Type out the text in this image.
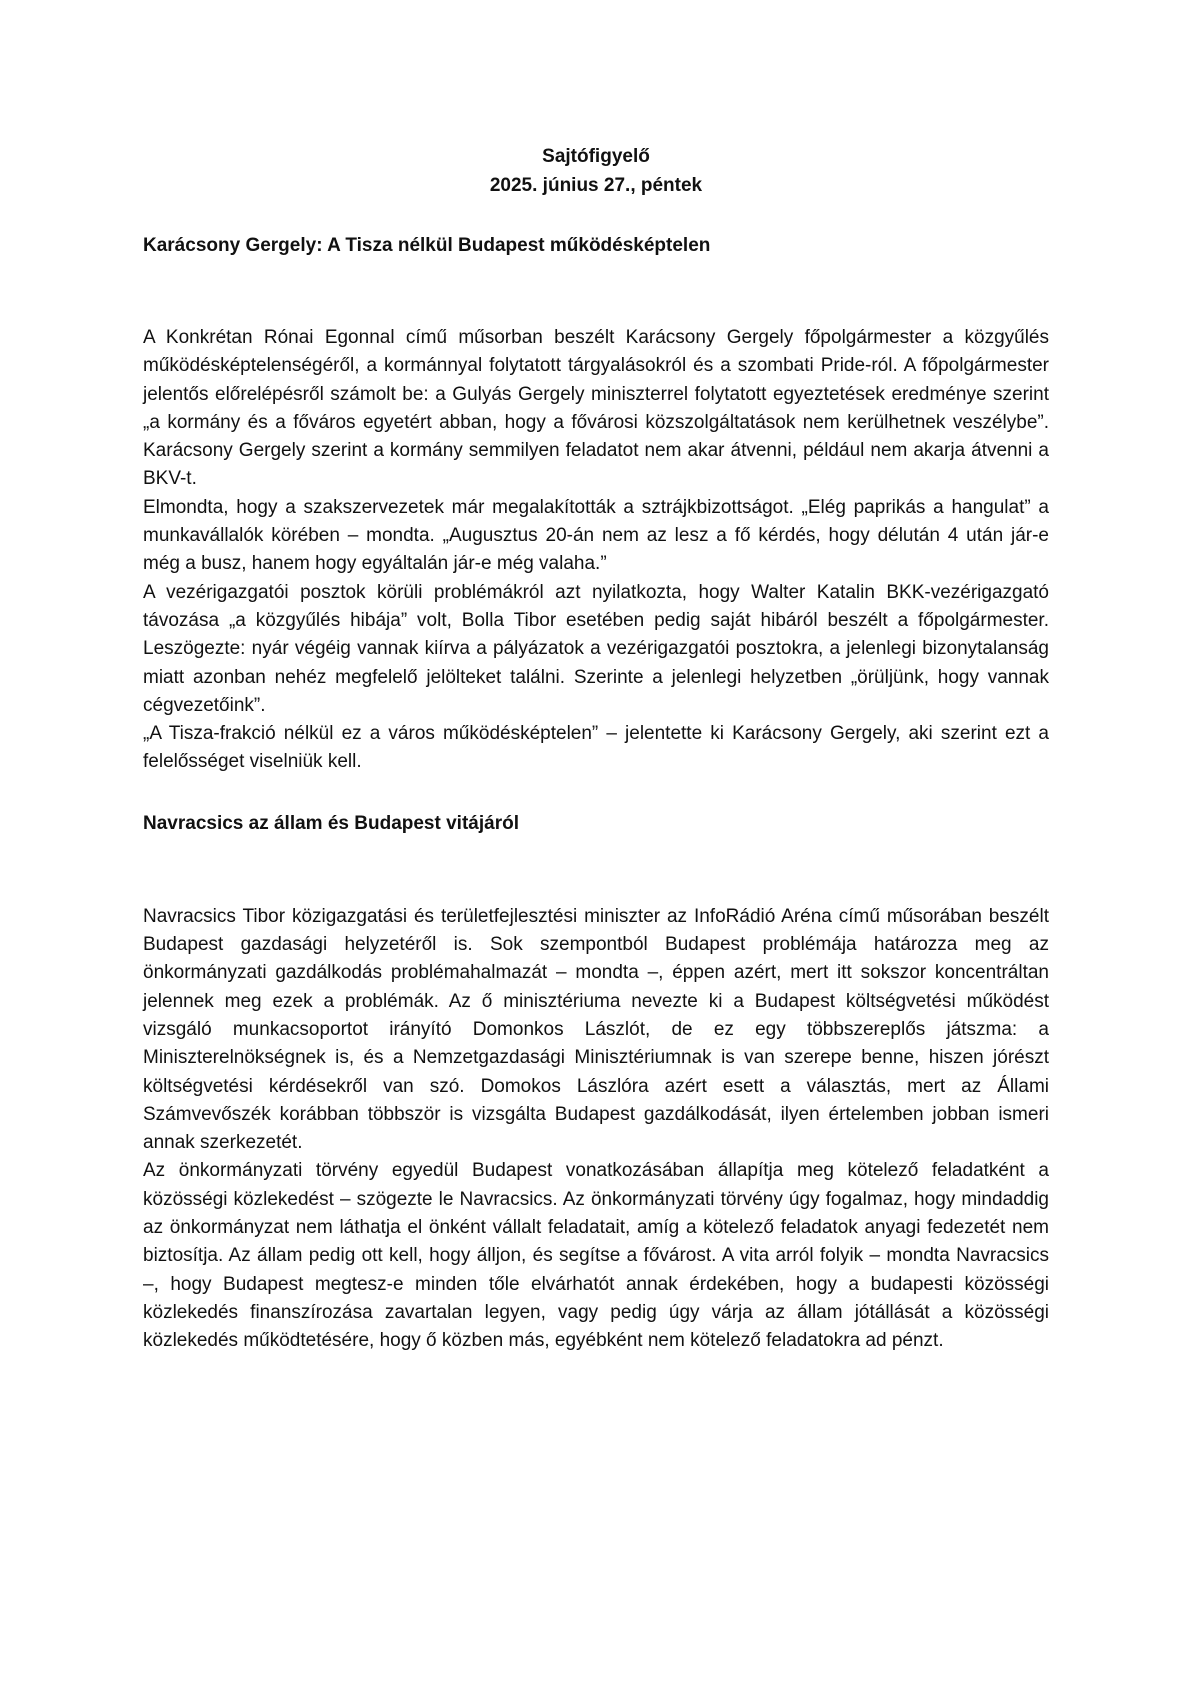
Sajtófigyelő
2025. június 27., péntek
Karácsony Gergely: A Tisza nélkül Budapest működésképtelen

A Konkrétan Rónai Egonnal című műsorban beszélt Karácsony Gergely főpolgármester a közgyűlés működésképtelenségéről, a kormánnyal folytatott tárgyalásokról és a szombati Pride-ról. A főpolgármester jelentős előrelépésről számolt be: a Gulyás Gergely miniszterrel folytatott egyeztetések eredménye szerint „a kormány és a főváros egyetért abban, hogy a fővárosi közszolgáltatások nem kerülhetnek veszélybe”. Karácsony Gergely szerint a kormány semmilyen feladatot nem akar átvenni, például nem akarja átvenni a BKV-t.

Elmondta, hogy a szakszervezetek már megalakították a sztrájkbizottságot. „Elég paprikás a hangulat” a munkavállalók körében – mondta. „Augusztus 20-án nem az lesz a fő kérdés, hogy délután 4 után jár-e még a busz, hanem hogy egyáltalán jár-e még valaha.”

A vezérigazgatói posztok körüli problémákról azt nyilatkozta, hogy Walter Katalin BKK-vezérigazgató távozása „a közgyűlés hibája” volt, Bolla Tibor esetében pedig saját hibáról beszélt a főpolgármester. Leszögezte: nyár végéig vannak kiírva a pályázatok a vezérigazgatói posztokra, a jelenlegi bizonytalanság miatt azonban nehéz megfelelő jelölteket találni. Szerinte a jelenlegi helyzetben „örüljünk, hogy vannak cégvezetőink”.

„A Tisza-frakció nélkül ez a város működésképtelen” – jelentette ki Karácsony Gergely, aki szerint ezt a felelősséget viselniük kell.

Navracsics az állam és Budapest vitájáról

Navracsics Tibor közigazgatási és területfejlesztési miniszter az InfoRádió Aréna című műsorában beszélt Budapest gazdasági helyzetéről is. Sok szempontból Budapest problémája határozza meg az önkormányzati gazdálkodás problémahalmazát – mondta –, éppen azért, mert itt sokszor koncentráltan jelennek meg ezek a problémák. Az ő minisztériuma nevezte ki a Budapest költségvetési működést vizsgáló munkacsoportot irányító Domonkos Lászlót, de ez egy többszereplős játszma: a Miniszterelnökségnek is, és a Nemzetgazdasági Minisztériumnak is van szerepe benne, hiszen jórészt költségvetési kérdésekről van szó. Domokos Lászlóra azért esett a választás, mert az Állami Számvevőszék korábban többször is vizsgálta Budapest gazdálkodását, ilyen értelemben jobban ismeri annak szerkezetét.

Az önkormányzati törvény egyedül Budapest vonatkozásában állapítja meg kötelező feladatként a közösségi közlekedést – szögezte le Navracsics. Az önkormányzati törvény úgy fogalmaz, hogy mindaddig az önkormányzat nem láthatja el önként vállalt feladatait, amíg a kötelező feladatok anyagi fedezetét nem biztosítja. Az állam pedig ott kell, hogy álljon, és segítse a fővárost. A vita arról folyik – mondta Navracsics –, hogy Budapest megtesz-e minden tőle elvárhatót annak érdekében, hogy a budapesti közösségi közlekedés finanszírozása zavartalan legyen, vagy pedig úgy várja az állam jótállását a közösségi közlekedés működtetésére, hogy ő közben más, egyébként nem kötelező feladatokra ad pénzt.
